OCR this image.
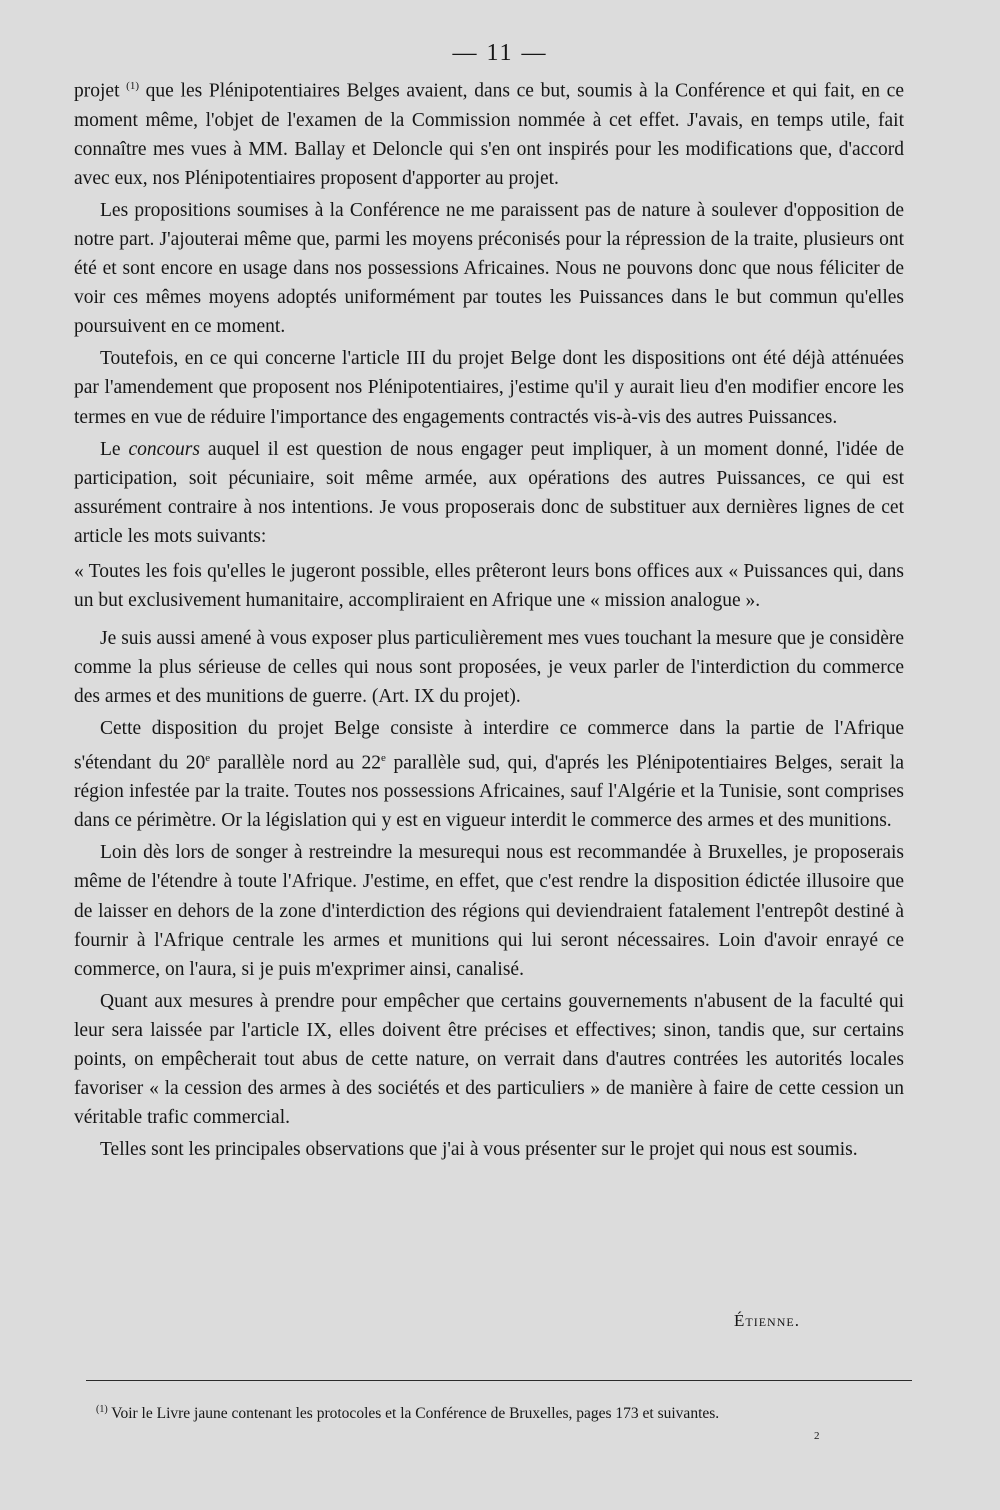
— 11 —

projet $^{(1)}$ que les Plénipotentiaires Belges avaient, dans ce but, soumis à la Conférence et qui fait, en ce moment même, l'objet de l'examen de la Commission nommée à cet effet. J'avais, en temps utile, fait connaître mes vues à MM. Ballay et Deloncle qui s'en ont inspirés pour les modifications que, d'accord avec eux, nos Plénipotentiaires proposent d'apporter au projet.

Les propositions soumises à la Conférence ne me paraissent pas de nature à soulever d'opposition de notre part. J'ajouterai même que, parmi les moyens préconisés pour la répression de la traite, plusieurs ont été et sont encore en usage dans nos possessions Africaines. Nous ne pouvons donc que nous féliciter de voir ces mêmes moyens adoptés uniformément par toutes les Puissances dans le but commun qu'elles poursuivent en ce moment.

Toutefois, en ce qui concerne l'article III du projet Belge dont les dispositions ont été déjà atténuées par l'amendement que proposent nos Plénipotentiaires, j'estime qu'il y aurait lieu d'en modifier encore les termes en vue de réduire l'importance des engagements contractés vis-à-vis des autres Puissances.

Le concours auquel il est question de nous engager peut impliquer, à un moment donné, l'idée de participation, soit pécuniaire, soit même armée, aux opérations des autres Puissances, ce qui est assurément contraire à nos intentions. Je vous proposerais donc de substituer aux dernières lignes de cet article les mots suivants:

« Toutes les fois qu'elles le jugeront possible, elles prêteront leurs bons offices aux « Puissances qui, dans un but exclusivement humanitaire, accompliraient en Afrique une « mission analogue ».

Je suis aussi amené à vous exposer plus particulièrement mes vues touchant la mesure que je considère comme la plus sérieuse de celles qui nous sont proposées, je veux parler de l'interdiction du commerce des armes et des munitions de guerre. (Art. IX du projet).

Cette disposition du projet Belge consiste à interdire ce commerce dans la partie de l'Afrique s'étendant du 20e parallèle nord au 22e parallèle sud, qui, d'aprés les Plénipotentiaires Belges, serait la région infestée par la traite. Toutes nos possessions Africaines, sauf l'Algérie et la Tunisie, sont comprises dans ce périmètre. Or la législation qui y est en vigueur interdit le commerce des armes et des munitions.

Loin dès lors de songer à restreindre la mesurequi nous est recommandée à Bruxelles, je proposerais même de l'étendre à toute l'Afrique. J'estime, en effet, que c'est rendre la disposition édictée illusoire que de laisser en dehors de la zone d'interdiction des régions qui deviendraient fatalement l'entrepôt destiné à fournir à l'Afrique centrale les armes et munitions qui lui seront nécessaires. Loin d'avoir enrayé ce commerce, on l'aura, si je puis m'exprimer ainsi, canalisé.

Quant aux mesures à prendre pour empêcher que certains gouvernements n'abusent de la faculté qui leur sera laissée par l'article IX, elles doivent être précises et effectives; sinon, tandis que, sur certains points, on empêcherait tout abus de cette nature, on verrait dans d'autres contrées les autorités locales favoriser « la cession des armes à des sociétés et des particuliers » de manière à faire de cette cession un véritable trafic commercial.

Telles sont les principales observations que j'ai à vous présenter sur le projet qui nous est soumis.

Étienne.
$^{(1)}$ Voir le Livre jaune contenant les protocoles et la Conférence de Bruxelles, pages 173 et suivantes.
2
